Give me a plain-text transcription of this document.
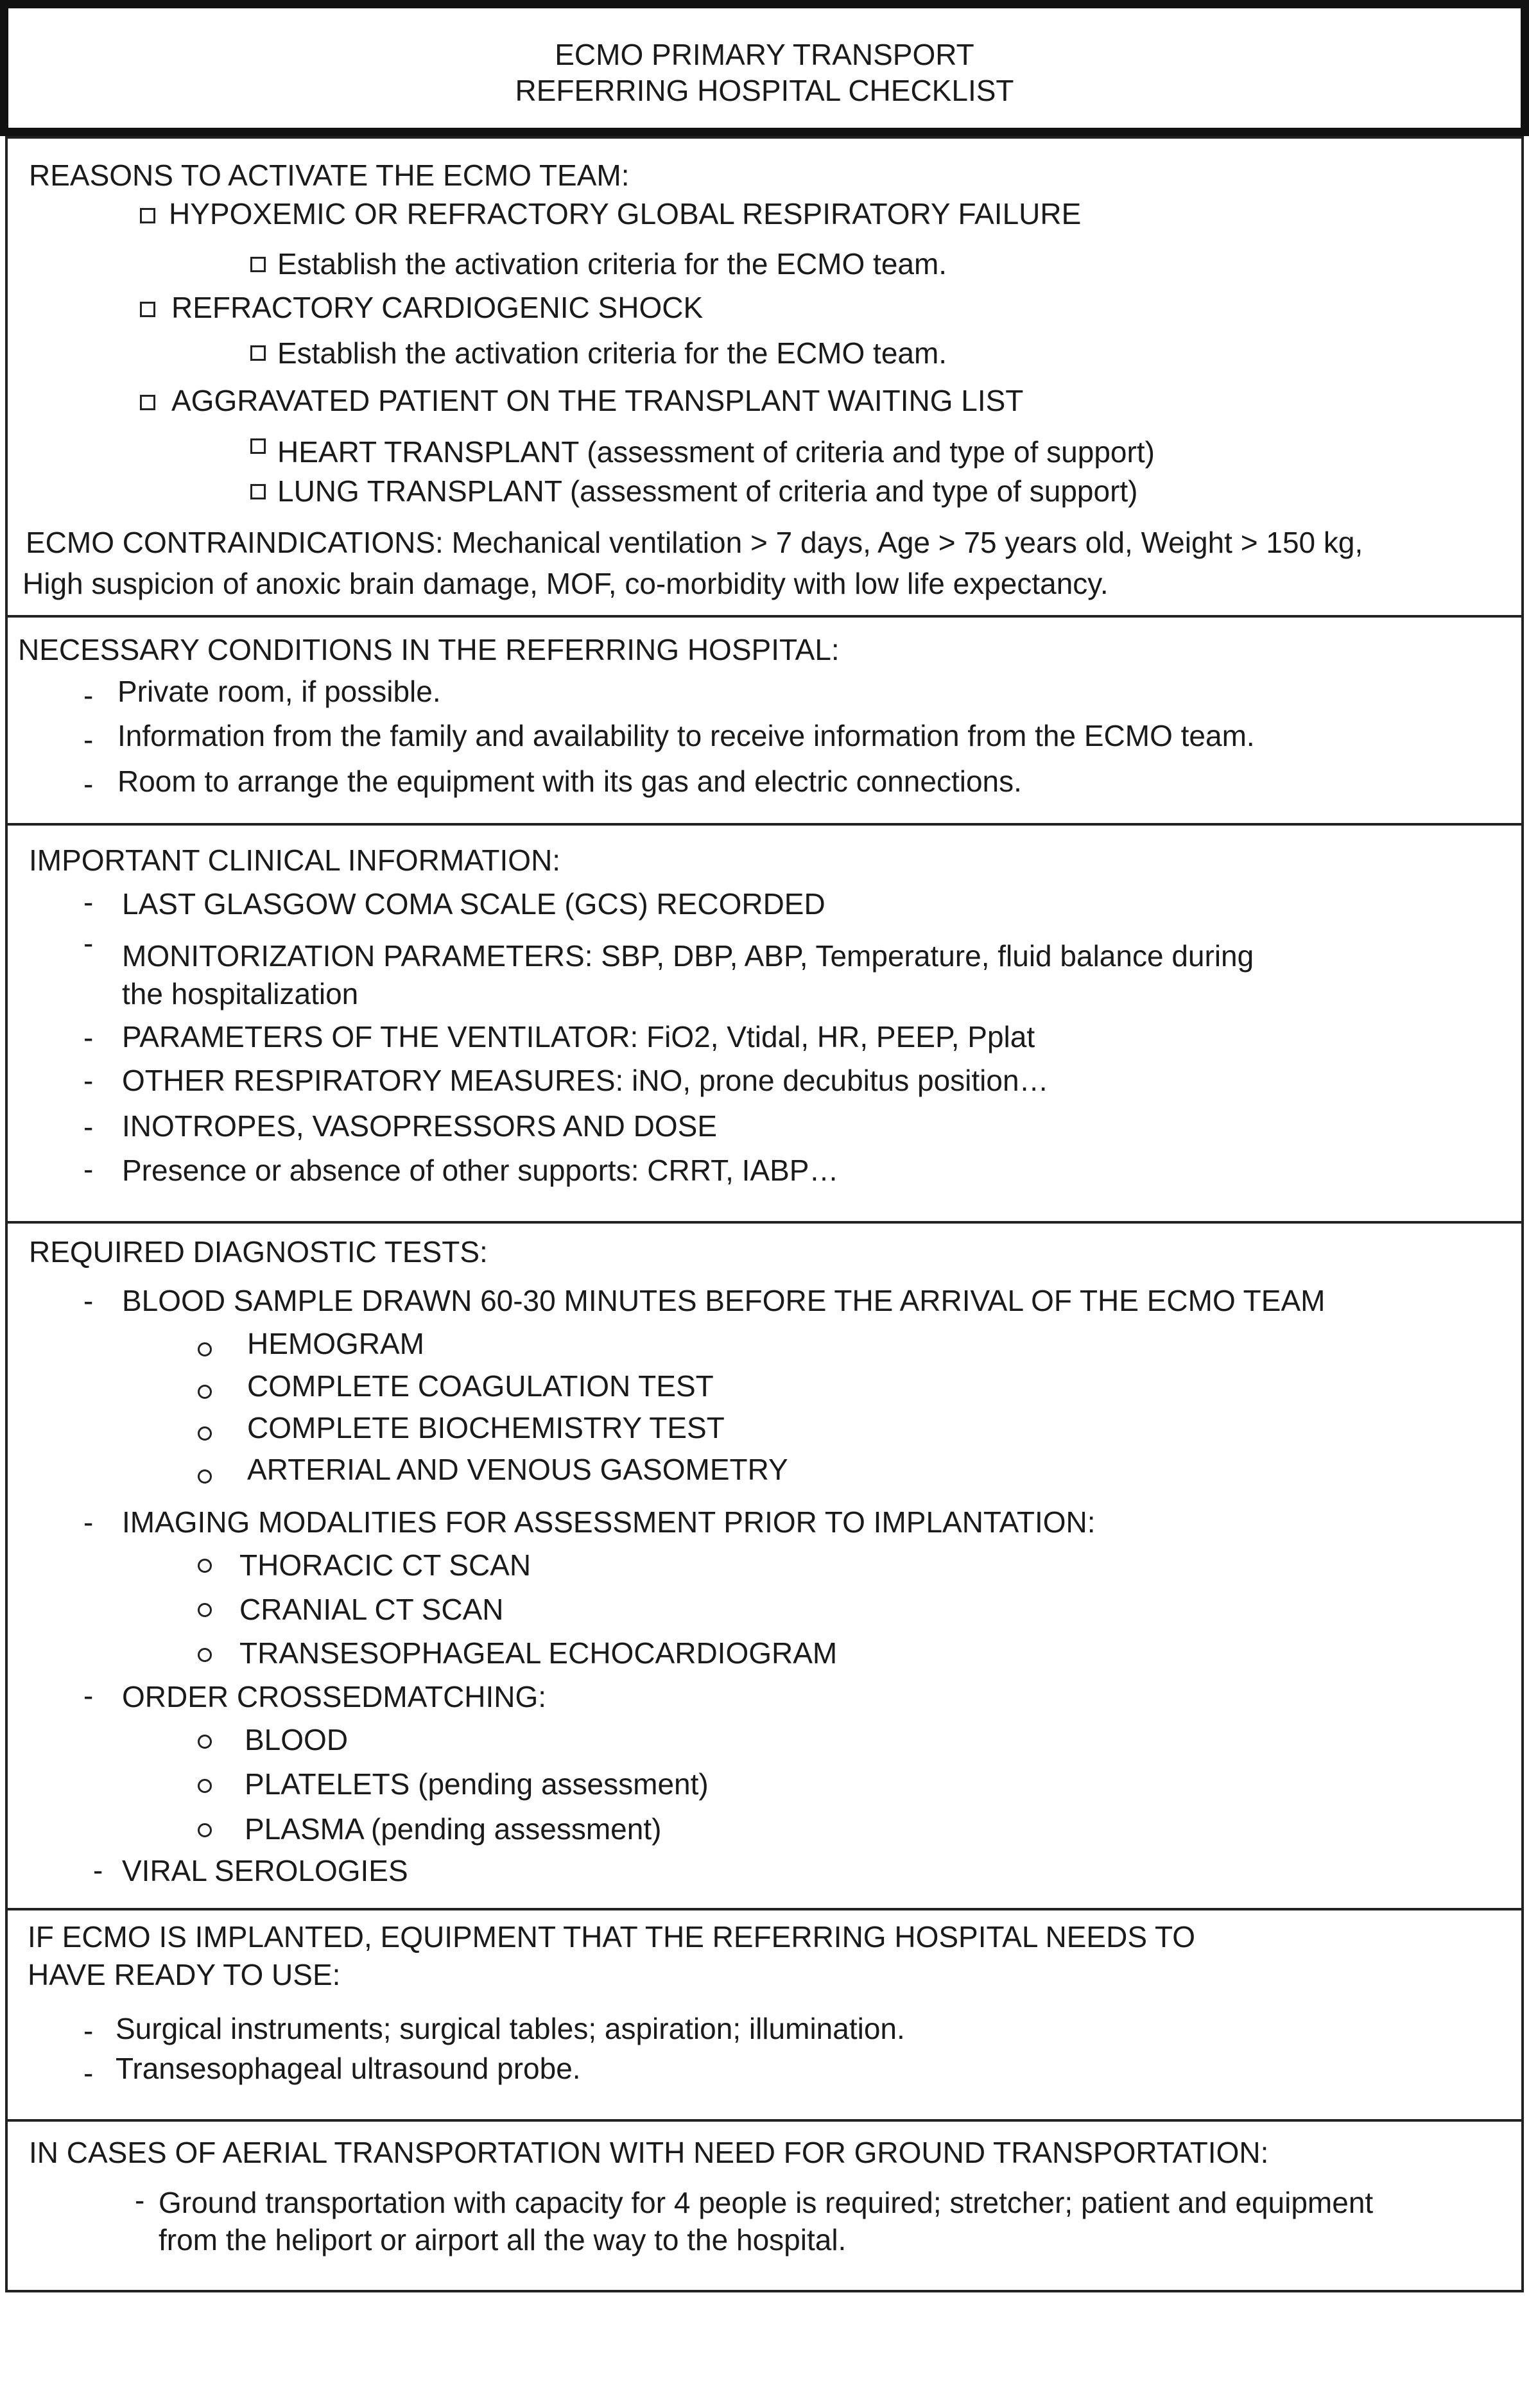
ECMO PRIMARY TRANSPORT
REFERRING HOSPITAL CHECKLIST
REASONS TO ACTIVATE THE ECMO TEAM:
HYPOXEMIC OR REFRACTORY GLOBAL RESPIRATORY FAILURE
Establish the activation criteria for the ECMO team.
REFRACTORY CARDIOGENIC SHOCK
Establish the activation criteria for the ECMO team.
AGGRAVATED PATIENT ON THE TRANSPLANT WAITING LIST
HEART TRANSPLANT (assessment of criteria and type of support)
LUNG TRANSPLANT (assessment of criteria and type of support)
ECMO CONTRAINDICATIONS: Mechanical ventilation > 7 days, Age > 75 years old, Weight > 150 kg,
High suspicion of anoxic brain damage, MOF, co-morbidity with low life expectancy.
NECESSARY CONDITIONS IN THE REFERRING HOSPITAL:
- Private room, if possible.
- Information from the family and availability to receive information from the ECMO team.
- Room to arrange the equipment with its gas and electric connections.
IMPORTANT CLINICAL INFORMATION:
- LAST GLASGOW COMA SCALE (GCS) RECORDED
- MONITORIZATION PARAMETERS: SBP, DBP, ABP, Temperature, fluid balance during
the hospitalization
- PARAMETERS OF THE VENTILATOR: FiO2, Vtidal, HR, PEEP, Pplat
- OTHER RESPIRATORY MEASURES: iNO, prone decubitus position…
- INOTROPES, VASOPRESSORS AND DOSE
- Presence or absence of other supports: CRRT, IABP…
REQUIRED DIAGNOSTIC TESTS:
- BLOOD SAMPLE DRAWN 60-30 MINUTES BEFORE THE ARRIVAL OF THE ECMO TEAM
HEMOGRAM
COMPLETE COAGULATION TEST
COMPLETE BIOCHEMISTRY TEST
ARTERIAL AND VENOUS GASOMETRY
- IMAGING MODALITIES FOR ASSESSMENT PRIOR TO IMPLANTATION:
THORACIC CT SCAN
CRANIAL CT SCAN
TRANSESOPHAGEAL ECHOCARDIOGRAM
- ORDER CROSSEDMATCHING:
BLOOD
PLATELETS (pending assessment)
PLASMA (pending assessment)
- VIRAL SEROLOGIES
IF ECMO IS IMPLANTED, EQUIPMENT THAT THE REFERRING HOSPITAL NEEDS TO
HAVE READY TO USE:
- Surgical instruments; surgical tables; aspiration; illumination.
- Transesophageal ultrasound probe.
IN CASES OF AERIAL TRANSPORTATION WITH NEED FOR GROUND TRANSPORTATION:
- Ground transportation with capacity for 4 people is required; stretcher; patient and equipment
from the heliport or airport all the way to the hospital.
